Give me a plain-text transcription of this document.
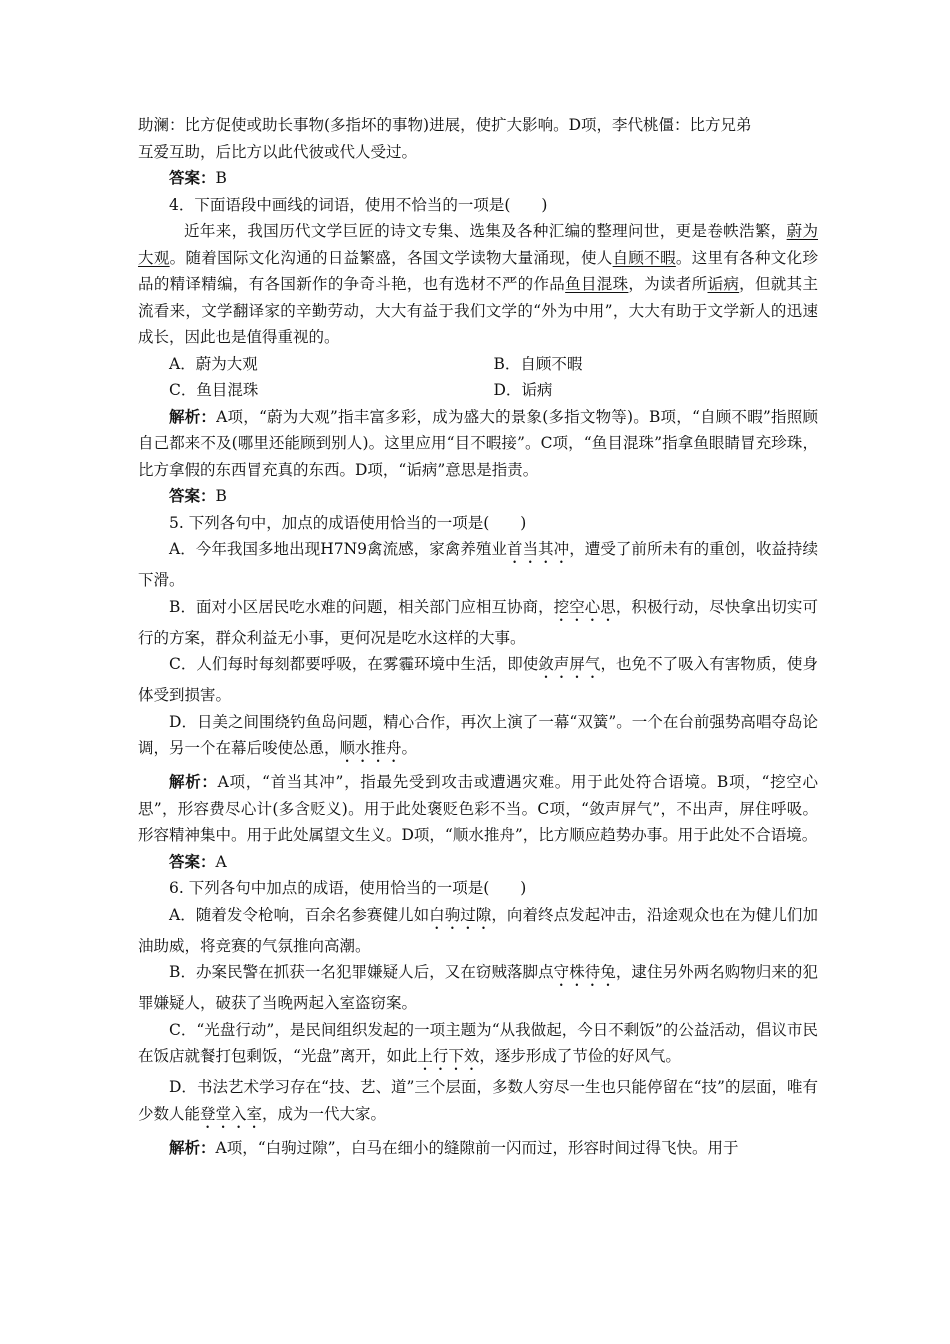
助澜：比方促使或助长事物(多指坏的事物)进展，使扩大影响。D项，李代桃僵：比方兄弟

互爱互助，后比方以此代彼或代人受过。

答案：B

4．下面语段中画线的词语，使用不恰当的一项是(　　)

近年来，我国历代文学巨匠的诗文专集、选集及各种汇编的整理问世，更是卷帙浩繁，蔚为大观。随着国际文化沟通的日益繁盛，各国文学读物大量涌现，使人自顾不暇。这里有各种文化珍品的精译精编，有各国新作的争奇斗艳，也有选材不严的作品鱼目混珠，为读者所诟病，但就其主流看来，文学翻译家的辛勤劳动，大大有益于我们文学的“外为中用”，大大有助于文学新人的迅速成长，因此也是值得重视的。

A．蔚为大观	B．自顾不暇
C．鱼目混珠	D．诟病

解析：A项，“蔚为大观”指丰富多彩，成为盛大的景象(多指文物等)。B项，“自顾不暇”指照顾自己都来不及(哪里还能顾到别人)。这里应用“目不暇接”。C项，“鱼目混珠”指拿鱼眼睛冒充珍珠，比方拿假的东西冒充真的东西。D项，“诟病”意思是指责。

答案：B

5. 下列各句中，加点的成语使用恰当的一项是(　　)

A．今年我国多地出现H7N9禽流感，家禽养殖业首当其冲，遭受了前所未有的重创，收益持续下滑。

B．面对小区居民吃水难的问题，相关部门应相互协商，挖空心思，积极行动，尽快拿出切实可行的方案，群众利益无小事，更何况是吃水这样的大事。

C．人们每时每刻都要呼吸，在雾霾环境中生活，即使敛声屏气，也免不了吸入有害物质，使身体受到损害。

D．日美之间围绕钓鱼岛问题，精心合作，再次上演了一幕“双簧”。一个在台前强势高唱夺岛论调，另一个在幕后唆使怂恿，顺水推舟。

解析：A项，“首当其冲”，指最先受到攻击或遭遇灾难。用于此处符合语境。B项，“挖空心思”，形容费尽心计(多含贬义)。用于此处褒贬色彩不当。C项，“敛声屏气”，不出声，屏住呼吸。形容精神集中。用于此处属望文生义。D项，“顺水推舟”，比方顺应趋势办事。用于此处不合语境。

答案：A

6. 下列各句中加点的成语，使用恰当的一项是(　　)

A．随着发令枪响，百余名参赛健儿如白驹过隙，向着终点发起冲击，沿途观众也在为健儿们加油助威，将竞赛的气氛推向高潮。

B．办案民警在抓获一名犯罪嫌疑人后，又在窃贼落脚点守株待兔，逮住另外两名购物归来的犯罪嫌疑人，破获了当晚两起入室盗窃案。

C．“光盘行动”，是民间组织发起的一项主题为“从我做起，今日不剩饭”的公益活动，倡议市民在饭店就餐打包剩饭，“光盘”离开，如此上行下效，逐步形成了节俭的好风气。

D．书法艺术学习存在“技、艺、道”三个层面，多数人穷尽一生也只能停留在“技”的层面，唯有少数人能登堂入室，成为一代大家。

解析：A项，“白驹过隙”，白马在细小的缝隙前一闪而过，形容时间过得飞快。用于
